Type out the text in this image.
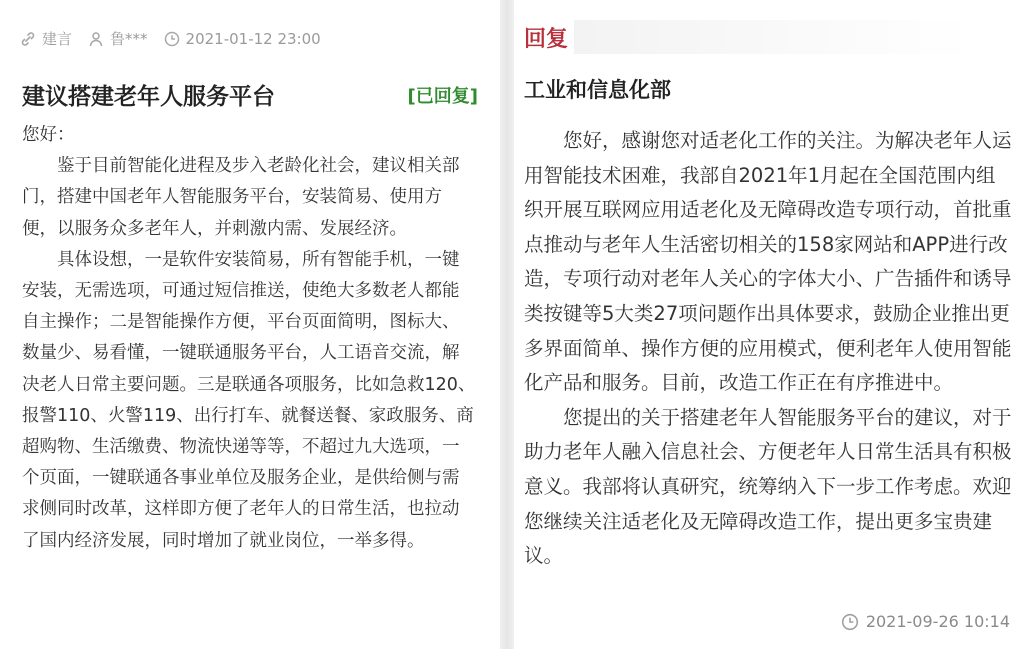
建言	鲁***	2021-01-12 23:00
建议搭建老年人服务平台	[已回复]

您好：

鉴于目前智能化进程及步入老龄化社会，建议相关部门，搭建中国老年人智能服务平台，安装简易、使用方便，以服务众多老年人，并刺激内需、发展经济。

具体设想，一是软件安装简易，所有智能手机，一键安装，无需选项，可通过短信推送，使绝大多数老人都能自主操作；二是智能操作方便，平台页面简明，图标大、数量少、易看懂，一键联通服务平台，人工语音交流，解决老人日常主要问题。三是联通各项服务，比如急救120、报警110、火警119、出行打车、就餐送餐、家政服务、商超购物、生活缴费、物流快递等等，不超过九大选项，一个页面，一键联通各事业单位及服务企业，是供给侧与需求侧同时改革，这样即方便了老年人的日常生活，也拉动了国内经济发展，同时增加了就业岗位，一举多得。

回复
工业和信息化部

您好，感谢您对适老化工作的关注。为解决老年人运用智能技术困难，我部自2021年1月起在全国范围内组织开展互联网应用适老化及无障碍改造专项行动，首批重点推动与老年人生活密切相关的158家网站和APP进行改造，专项行动对老年人关心的字体大小、广告插件和诱导类按键等5大类27项问题作出具体要求，鼓励企业推出更多界面简单、操作方便的应用模式，便利老年人使用智能化产品和服务。目前，改造工作正在有序推进中。

您提出的关于搭建老年人智能服务平台的建议，对于助力老年人融入信息社会、方便老年人日常生活具有积极意义。我部将认真研究，统筹纳入下一步工作考虑。欢迎您继续关注适老化及无障碍改造工作，提出更多宝贵建议。

2021-09-26 10:14
